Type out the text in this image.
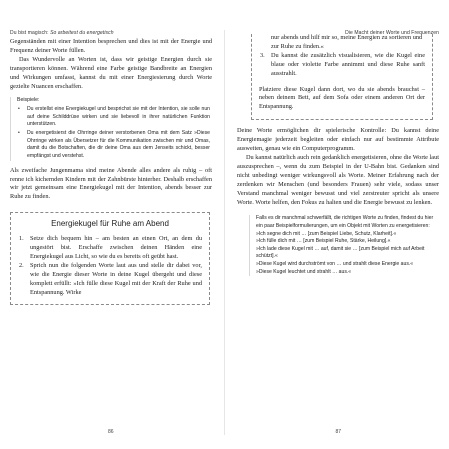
Du bist magisch: So arbeitest du energetisch

Gegenständen mit einer Intention besprechen und dies ist mit der Energie und Frequenz deiner Worte füllen.

Das Wundervolle an Worten ist, dass wir geistige Energien durch sie transportieren können. Während eine Farbe geistige Bandbreite an Energien und Wirkungen umfasst, kannst du mit einer Energiesierung durch Worte gezielte Nuancen erschaffen.

Beispiele:
• Du erstellst eine Energiekugel und besprichst sie mit der Intention, sie solle nun auf deine Schilddrüse wirken und sie liebevoll in ihrer natürlichen Funktion unterstützen.
• Du energetisierst die Ohrringe deiner verstorbenen Oma mit dem Satz »Diese Ohrringe wirken als Übersetzer für die Kommunikation zwischen mir und Omas, damit du die Botschaften, die dir deine Oma aus dem Jenseits schickt, besser empfängst und verstehst.

Als zweifache Jungenmama sind meine Abende alles andere als ruhig – oft renne ich kichernden Kindern mit der Zahnbürste hinterher. Deshalb erschaffen wir jetzt gemeinsam eine Energiekugel mit der Intention, abends besser zur Ruhe zu finden.

Energiekugel für Ruhe am Abend
1. Setze dich bequem hin – am besten an einen Ort, an dem du ungestört bist. Erschaffe zwischen deinen Händen eine Energiekugel aus Licht, so wie du es bereits oft geübt hast.
2. Sprich nun die folgenden Worte laut aus und stelle dir dabei vor, wie die Energie dieser Worte in deine Kugel übergeht und diese komplett erfüllt: »Ich fülle diese Kugel mit der Kraft der Ruhe und Entspannung. Wirke
86
Die Macht deiner Worte und Frequenzen
nur abends und hilf mir so, meine Energien zu sortieren und zur Ruhe zu finden.«
3. Du kannst die zusätzlich visualisieren, wie die Kugel eine blaue oder violette Farbe annimmt und diese Ruhe sanft ausstrahlt.

Platziere diese Kugel dann dort, wo du sie abends brauchst – neben deinem Bett, auf dem Sofa oder einem anderen Ort der Entspannung.

Deine Worte ermöglichen dir spielerische Kontrolle: Du kannst deine Energiemagie jederzeit begleiten oder einfach nur auf bestimmte Attribute ausweiten, genau wie ein Computerprogramm.

Du kannst natürlich auch rein gedanklich energetisieren, ohne die Worte laut auszusprechen –, wenn du zum Beispiel in der U-Bahn bist. Gedanken sind nicht unbedingt weniger wirkungsvoll als Worte. Meiner Erfahrung nach der zerdenken wir Menschen (und besonders Frauen) sehr viele, sodass unser Verstand manchmal weniger bewusst und viel zerstreuter spricht als unsere Worte. Worte helfen, den Fokus zu halten und die Energie bewusst zu lenken.

Falls es dir manchmal schwerfällt, die richtigen Worte zu finden, findest du hier ein paar Beispielformulierungen, um ein Objekt mit Worten zu energetisieren:

»Ich segne dich mit … [zum Beispiel Liebe, Schutz, Klarheit].«

»Ich fülle dich mit … [zum Beispiel Ruhe, Stärke, Heilung].«

»Ich lade diese Kugel mit … auf, damit sie … [zum Beispiel mich auf Arbeit schützt].«

»Diese Kugel wird durchströmt von … und strahlt diese Energie aus.«

»Diese Kugel leuchtet und strahlt … aus.«

87
